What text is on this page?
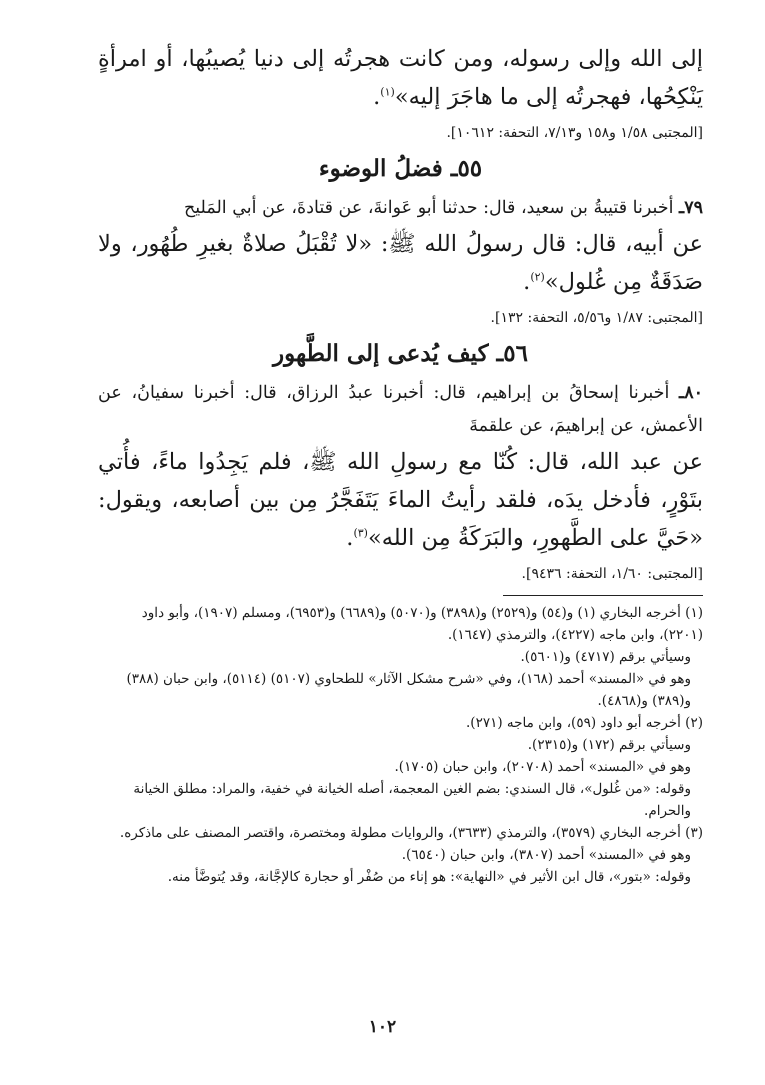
إلى الله وإلى رسوله، ومن كانت هجرتُه إلى دنيا يُصيبُها، أو امرأةٍ يَنْكِحُها، فهجرتُه إلى ما هاجَرَ إليه»$^{(١)}$.

[المجتبى ١/٥٨ و١٥٨ و٧/١٣، التحفة: ١٠٦١٢].

٥٥ـ فضلُ الوضوء

٧٩ـ أخبرنا قتيبةُ بن سعيد، قال: حدثنا أبو عَوانةَ، عن قتادةَ، عن أبي المَليح

عن أبيه، قال: قال رسولُ الله ﷺ: «لا تُقْبَلُ صلاةٌ بغيرِ طُهُور، ولا صَدَقَةٌ مِن غُلول»$^{(٢)}$.

[المجتبى: ١/٨٧ و٥/٥٦، التحفة: ١٣٢].

٥٦ـ كيف يُدعى إلى الطَّهور

٨٠ـ أخبرنا إسحاقُ بن إبراهيم، قال: أخبرنا عبدُ الرزاق، قال: أخبرنا سفيانُ، عن الأعمش، عن إبراهيمَ، عن علقمةَ

عن عبد الله، قال: كُنّا مع رسولِ الله ﷺ، فلم يَجِدُوا ماءً، فأُتي بتَوْرٍ، فأدخل يدَه، فلقد رأيتُ الماءَ يَتَفَجَّرُ مِن بين أصابعه، ويقول: «حَيَّ على الطَّهورِ، والبَرَكَةُ مِن الله»$^{(٣)}$.

[المجتبى: ١/٦٠، التحفة: ٩٤٣٦].

(١) أخرجه البخاري (١) و(٥٤) و(٢٥٢٩) و(٣٨٩٨) و(٥٠٧٠) و(٦٦٨٩) و(٦٩٥٣)، ومسلم (١٩٠٧)، وأبو داود (٢٢٠١)، وابن ماجه (٤٢٢٧)، والترمذي (١٦٤٧).

وسيأتي برقم (٤٧١٧) و(٥٦٠١).

وهو في «المسند» أحمد (١٦٨)، وفي «شرح مشكل الآثار» للطحاوي (٥١٠٧) (٥١١٤)، وابن حبان (٣٨٨) و(٣٨٩) و(٤٨٦٨).

(٢) أخرجه أبو داود (٥٩)، وابن ماجه (٢٧١).

وسيأتي برقم (١٧٢) و(٢٣١٥).

وهو في «المسند» أحمد (٢٠٧٠٨)، وابن حبان (١٧٠٥).

وقوله: «من غُلول»، قال السندي: بضم الغين المعجمة، أصله الخيانة في خفية، والمراد: مطلق الخيانة والحرام.

(٣) أخرجه البخاري (٣٥٧٩)، والترمذي (٣٦٣٣)، والروايات مطولة ومختصرة، واقتصر المصنف على ماذكره.

وهو في «المسند» أحمد (٣٨٠٧)، وابن حبان (٦٥٤٠).

وقوله: «بتور»، قال ابن الأثير في «النهاية»: هو إناء من صُفْر أو حجارة كالإجَّانة، وقد يُتوضَّأ منه.

١٠٢
